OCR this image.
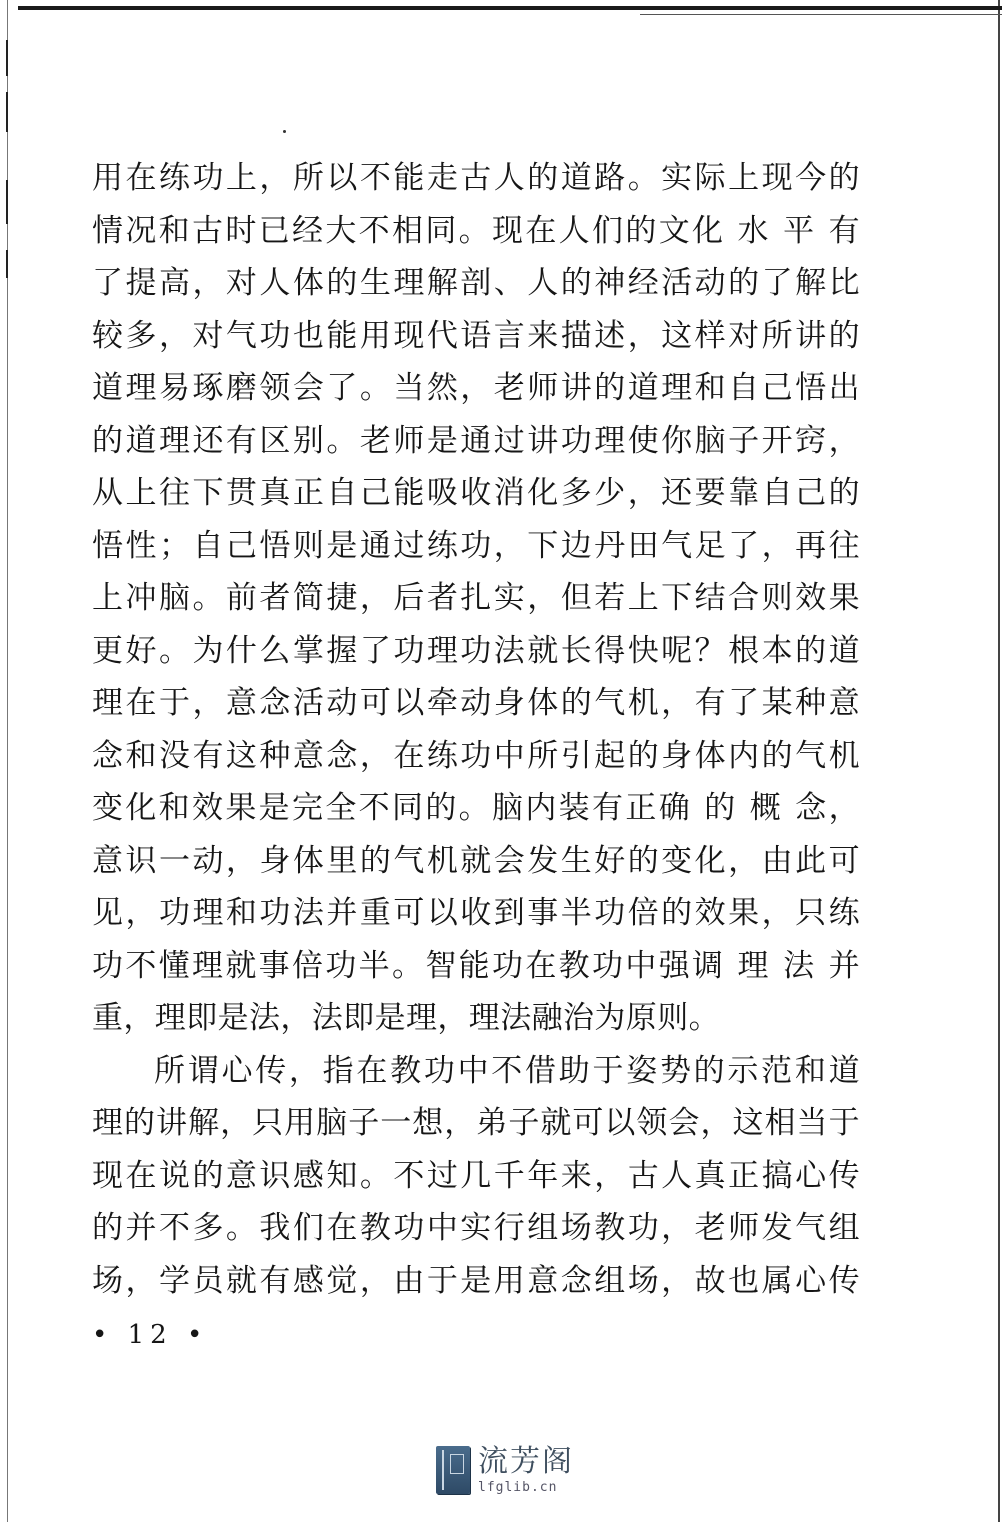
用在练功上，所以不能走古人的道路。实际上现今的
情况和古时已经大不相同。现在人们的文化 水 平 有
了提高，对人体的生理解剖、人的神经活动的了解比
较多，对气功也能用现代语言来描述，这样对所讲的
道理易琢磨领会了。当然，老师讲的道理和自己悟出
的道理还有区别。老师是通过讲功理使你脑子开窍，
从上往下贯真正自己能吸收消化多少，还要靠自己的
悟性；自己悟则是通过练功，下边丹田气足了，再往
上冲脑。前者简捷，后者扎实，但若上下结合则效果
更好。为什么掌握了功理功法就长得快呢？根本的道
理在于，意念活动可以牵动身体的气机，有了某种意
念和没有这种意念，在练功中所引起的身体内的气机
变化和效果是完全不同的。脑内装有正确 的 概 念，
意识一动，身体里的气机就会发生好的变化，由此可
见，功理和功法并重可以收到事半功倍的效果，只练
功不懂理就事倍功半。智能功在教功中强调 理 法 并
重，理即是法，法即是理，理法融治为原则。
所谓心传，指在教功中不借助于姿势的示范和道
理的讲解，只用脑子一想，弟子就可以领会，这相当于
现在说的意识感知。不过几千年来，古人真正搞心传
的并不多。我们在教功中实行组场教功，老师发气组
场，学员就有感觉，由于是用意念组场，故也属心传
• 12 •
流芳阁
lfglib.cn
